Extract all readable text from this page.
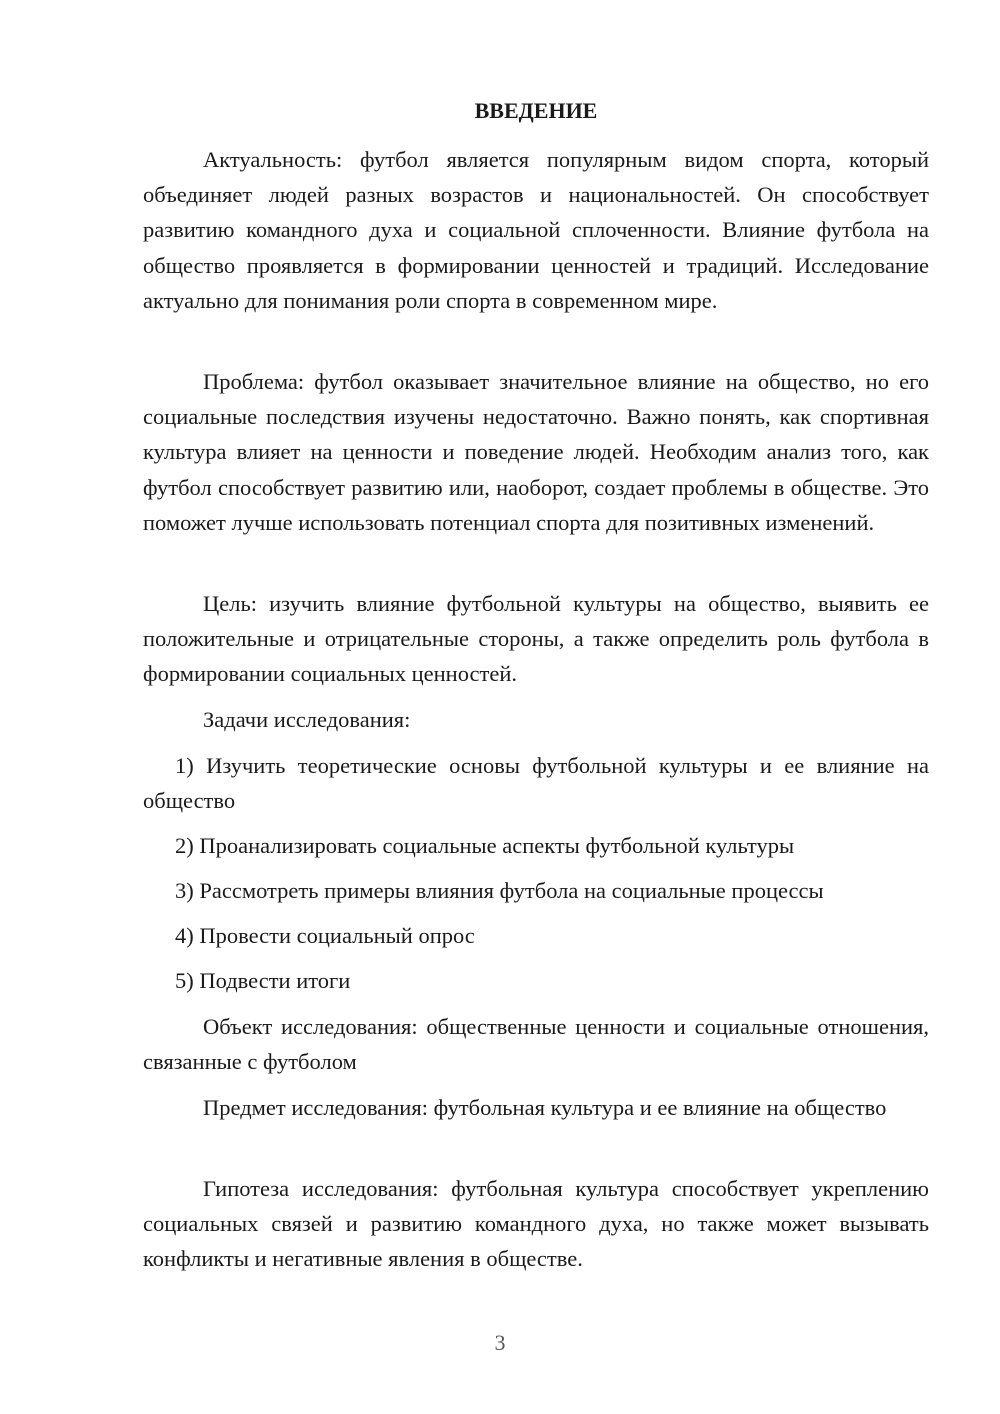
ВВЕДЕНИЕ

Актуальность: футбол является популярным видом спорта, который объединяет людей разных возрастов и национальностей. Он способствует развитию командного духа и социальной сплоченности. Влияние футбола на общество проявляется в формировании ценностей и традиций. Исследование актуально для понимания роли спорта в современном мире.

Проблема: футбол оказывает значительное влияние на общество, но его социальные последствия изучены недостаточно. Важно понять, как спортивная культура влияет на ценности и поведение людей. Необходим анализ того, как футбол способствует развитию или, наоборот, создает проблемы в обществе. Это поможет лучше использовать потенциал спорта для позитивных изменений.

Цель: изучить влияние футбольной культуры на общество, выявить ее положительные и отрицательные стороны, а также определить роль футбола в формировании социальных ценностей.

Задачи исследования:

1) Изучить теоретические основы футбольной культуры и ее влияние на общество

2) Проанализировать социальные аспекты футбольной культуры

3) Рассмотреть примеры влияния футбола на социальные процессы

4) Провести социальный опрос

5) Подвести итоги

Объект исследования: общественные ценности и социальные отношения, связанные с футболом

Предмет исследования: футбольная культура и ее влияние на общество

Гипотеза исследования: футбольная культура способствует укреплению социальных связей и развитию командного духа, но также может вызывать конфликты и негативные явления в обществе.

3
